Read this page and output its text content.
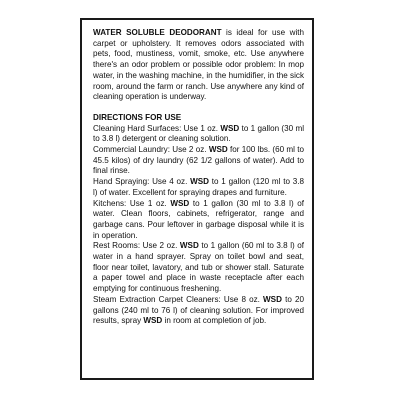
WATER SOLUBLE DEODORANT is ideal for use with carpet or upholstery. It removes odors associated with pets, food, mustiness, vomit, smoke, etc. Use anywhere there's an odor problem or possible odor problem: In mop water, in the washing machine, in the humidifier, in the sick room, around the farm or ranch. Use anywhere any kind of cleaning operation is underway.

DIRECTIONS FOR USE

Cleaning Hard Surfaces: Use 1 oz. WSD to 1 gallon (30 ml to 3.8 l) detergent or cleaning solution.

Commercial Laundry: Use 2 oz. WSD for 100 lbs. (60 ml to 45.5 kilos) of dry laundry (62 1/2 gallons of water). Add to final rinse.

Hand Spraying: Use 4 oz. WSD to 1 gallon (120 ml to 3.8 l) of water. Excellent for spraying drapes and furniture.

Kitchens: Use 1 oz. WSD to 1 gallon (30 ml to 3.8 l) of water. Clean floors, cabinets, refrigerator, range and garbage cans. Pour leftover in garbage disposal while it is in operation.

Rest Rooms: Use 2 oz. WSD to 1 gallon (60 ml to 3.8 l) of water in a hand sprayer. Spray on toilet bowl and seat, floor near toilet, lavatory, and tub or shower stall. Saturate a paper towel and place in waste receptacle after each emptying for continuous freshening.

Steam Extraction Carpet Cleaners: Use 8 oz. WSD to 20 gallons (240 ml to 76 l) of cleaning solution. For improved results, spray WSD in room at completion of job.
